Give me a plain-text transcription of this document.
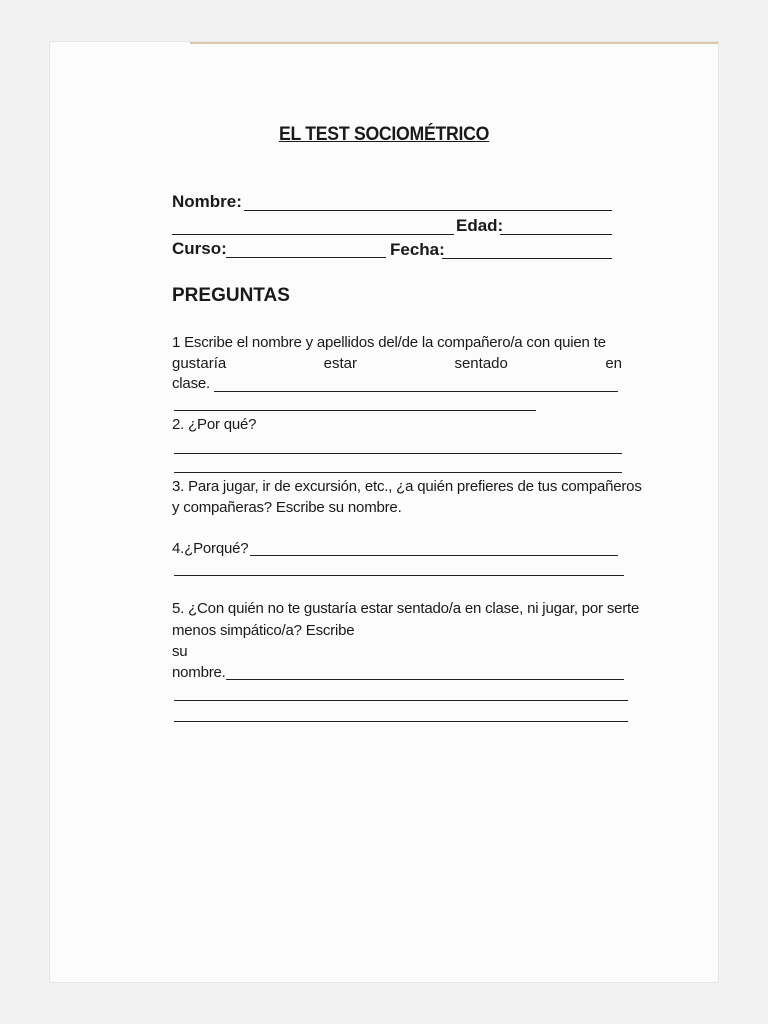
EL TEST SOCIOMÉTRICO
Nombre:
Edad:
Curso:	Fecha:
PREGUNTAS
1 Escribe el nombre y apellidos del/de la compañero/a con quien te
gustaría	estar	sentado	en
clase.
2. ¿Por qué?
3. Para jugar, ir de excursión, etc., ¿a quién prefieres de tus compañeros
y compañeras? Escribe su nombre.
4.¿Porqué?
5. ¿Con quién no te gustaría estar sentado/a en clase, ni jugar, por serte
menos simpático/a? Escribe
su
nombre.
